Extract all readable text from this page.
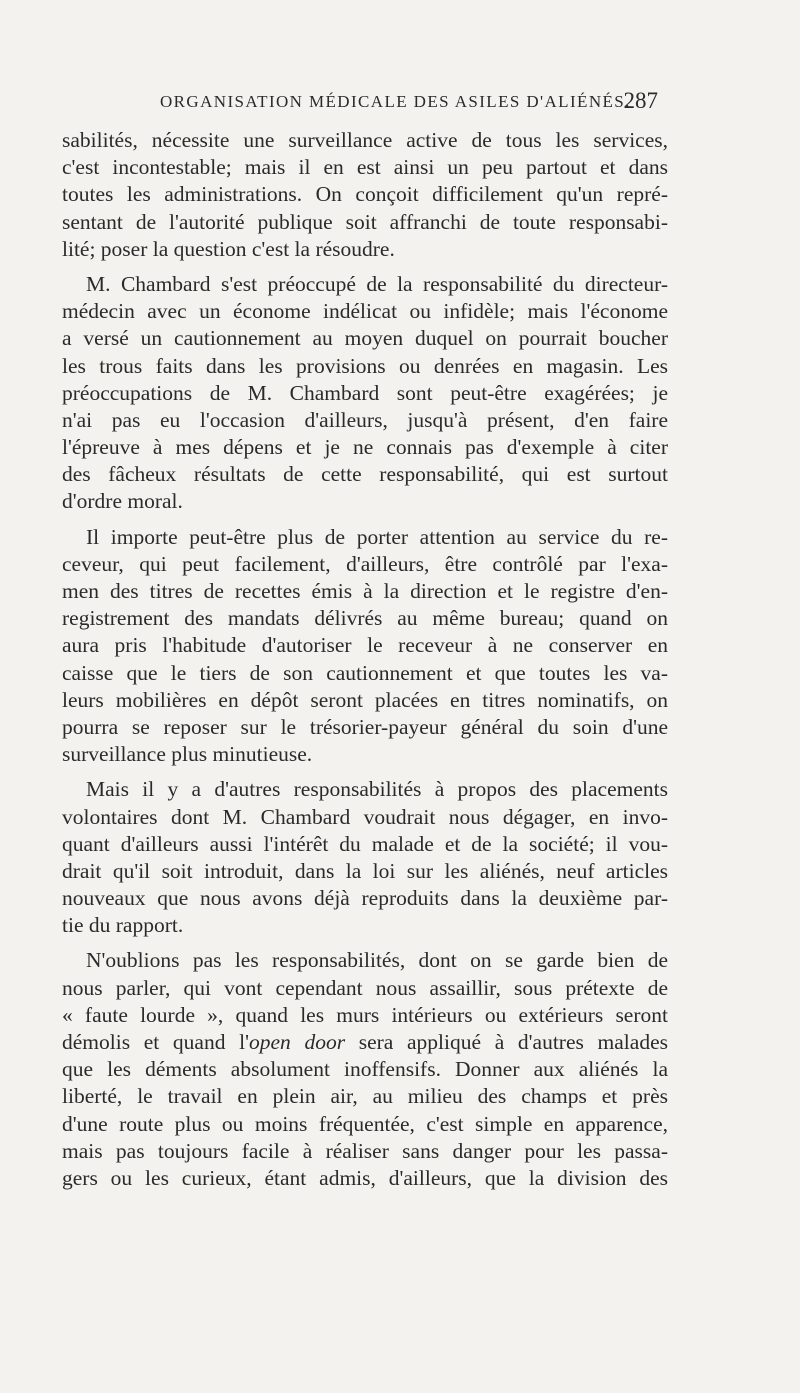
ORGANISATION MÉDICALE DES ASILES D'ALIÉNÉS.
287
sabilités, nécessite une surveillance active de tous les services,
c'est incontestable; mais il en est ainsi un peu partout et dans
toutes les administrations. On conçoit difficilement qu'un repré-
sentant de l'autorité publique soit affranchi de toute responsabi-
lité; poser la question c'est la résoudre.
M. Chambard s'est préoccupé de la responsabilité du directeur-
médecin avec un économe indélicat ou infidèle; mais l'économe
a versé un cautionnement au moyen duquel on pourrait boucher
les trous faits dans les provisions ou denrées en magasin. Les
préoccupations de M. Chambard sont peut-être exagérées; je
n'ai pas eu l'occasion d'ailleurs, jusqu'à présent, d'en faire
l'épreuve à mes dépens et je ne connais pas d'exemple à citer
des fâcheux résultats de cette responsabilité, qui est surtout
d'ordre moral.
Il importe peut-être plus de porter attention au service du re-
ceveur, qui peut facilement, d'ailleurs, être contrôlé par l'exa-
men des titres de recettes émis à la direction et le registre d'en-
registrement des mandats délivrés au même bureau; quand on
aura pris l'habitude d'autoriser le receveur à ne conserver en
caisse que le tiers de son cautionnement et que toutes les va-
leurs mobilières en dépôt seront placées en titres nominatifs, on
pourra se reposer sur le trésorier-payeur général du soin d'une
surveillance plus minutieuse.
Mais il y a d'autres responsabilités à propos des placements
volontaires dont M. Chambard voudrait nous dégager, en invo-
quant d'ailleurs aussi l'intérêt du malade et de la société; il vou-
drait qu'il soit introduit, dans la loi sur les aliénés, neuf articles
nouveaux que nous avons déjà reproduits dans la deuxième par-
tie du rapport.
N'oublions pas les responsabilités, dont on se garde bien de
nous parler, qui vont cependant nous assaillir, sous prétexte de
« faute lourde », quand les murs intérieurs ou extérieurs seront
démolis et quand l'open door sera appliqué à d'autres malades
que les déments absolument inoffensifs. Donner aux aliénés la
liberté, le travail en plein air, au milieu des champs et près
d'une route plus ou moins fréquentée, c'est simple en apparence,
mais pas toujours facile à réaliser sans danger pour les passa-
gers ou les curieux, étant admis, d'ailleurs, que la division des
